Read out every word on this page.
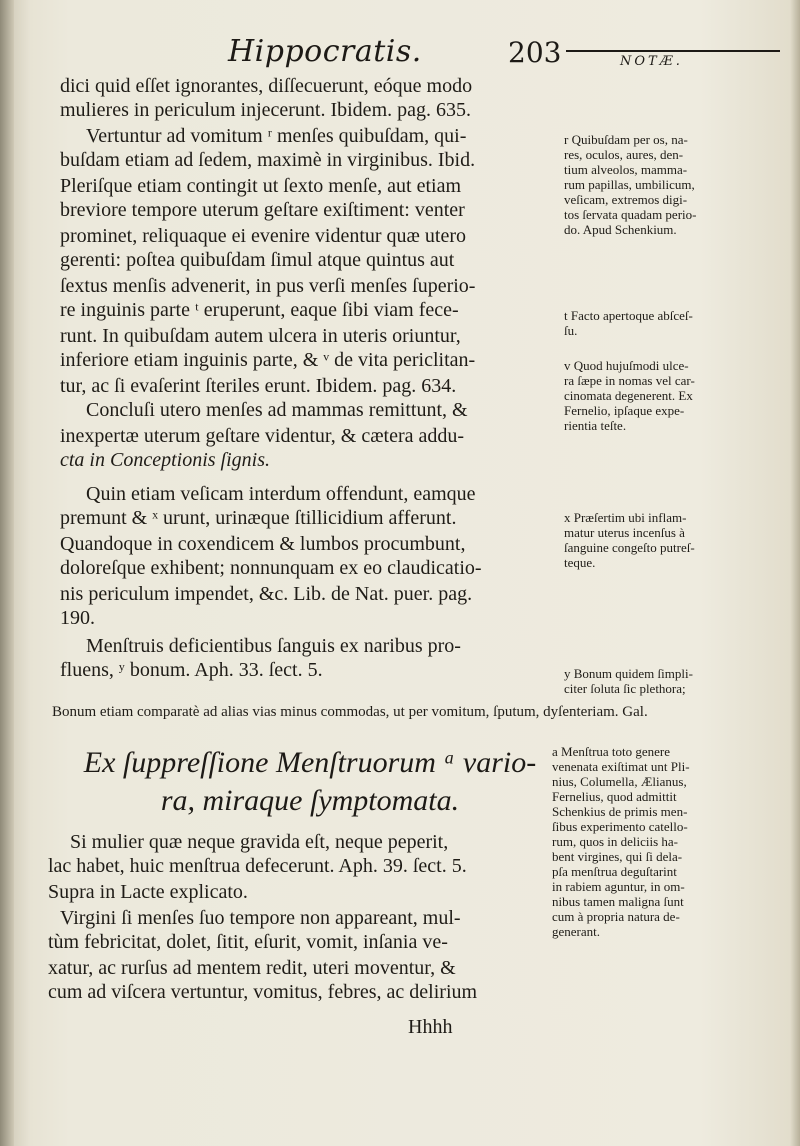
Hippocratis.	203	NOTÆ.
dici quid eſſet ignorantes, diſſecuerunt, eóque modo
mulieres in periculum injecerunt. Ibidem. pag. 635.
Vertuntur ad vomitum ʳ menſes quibuſdam, qui-
buſdam etiam ad ſedem, maximè in virginibus. Ibid.
Pleriſque etiam contingit ut ſexto menſe, aut etiam
breviore tempore uterum geſtare exiſtiment: venter
prominet, reliquaque ei evenire videntur quæ utero
gerenti: poſtea quibuſdam ſimul atque quintus aut
ſextus menſis advenerit, in pus verſi menſes ſuperio-
re inguinis parte ᵗ eruperunt, eaque ſibi viam fece-
runt. In quibuſdam autem ulcera in uteris oriuntur,
inferiore etiam inguinis parte, & ᵛ de vita periclitan-
tur, ac ſi evaſerint ſteriles erunt. Ibidem. pag. 634.
Concluſi utero menſes ad mammas remittunt, &
inexpertæ uterum geſtare videntur, & cætera addu-
cta in Conceptionis ſignis.
Quin etiam veſicam interdum offendunt, eamque
premunt & ˣ urunt, urinæque ſtillicidium afferunt.
Quandoque in coxendicem & lumbos procumbunt,
doloreſque exhibent; nonnunquam ex eo claudicatio-
nis periculum impendet, &c. Lib. de Nat. puer. pag.
190.
Menſtruis deficientibus ſanguis ex naribus pro-
fluens, ʸ bonum. Aph. 33. ſect. 5.
Bonum etiam comparatè ad alias vias minus commodas, ut per vomitum, ſputum, dyſenteriam. Gal.
Ex ſuppreſſione Menſtruorum ᵃ vario-
ra, miraque ſymptomata.
Si mulier quæ neque gravida eſt, neque peperit,
lac habet, huic menſtrua defecerunt. Aph. 39. ſect. 5.
Supra in Lacte explicato.
Virgini ſi menſes ſuo tempore non appareant, mul-
tùm febricitat, dolet, ſitit, eſurit, vomit, inſania ve-
xatur, ac rurſus ad mentem redit, uteri moventur, &
cum ad viſcera vertuntur, vomitus, febres, ac delirium
Hhhh
r Quibuſdam per os, na-
res, oculos, aures, den-
tium alveolos, mamma-
rum papillas, umbilicum,
veſicam, extremos digi-
tos ſervata quadam perio-
do. Apud Schenkium.
t Facto apertoque abſceſ-
ſu.
v Quod hujuſmodi ulce-
ra ſæpe in nomas vel car-
cinomata degenerent. Ex
Fernelio, ipſaque expe-
rientia teſte.
x Præſertim ubi inflam-
matur uterus incenſus à
ſanguine congeſto putreſ-
teque.
y Bonum quidem ſimpli-
citer ſoluta ſic plethora;
a Menſtrua toto genere
venenata exiſtimat unt Pli-
nius, Columella, Ælianus,
Fernelius, quod admittit
Schenkius de primis men-
ſibus experimento catello-
rum, quos in deliciis ha-
bent virgines, qui ſi dela-
pſa menſtrua deguſtarint
in rabiem aguntur, in om-
nibus tamen maligna ſunt
cum à propria natura de-
generant.
